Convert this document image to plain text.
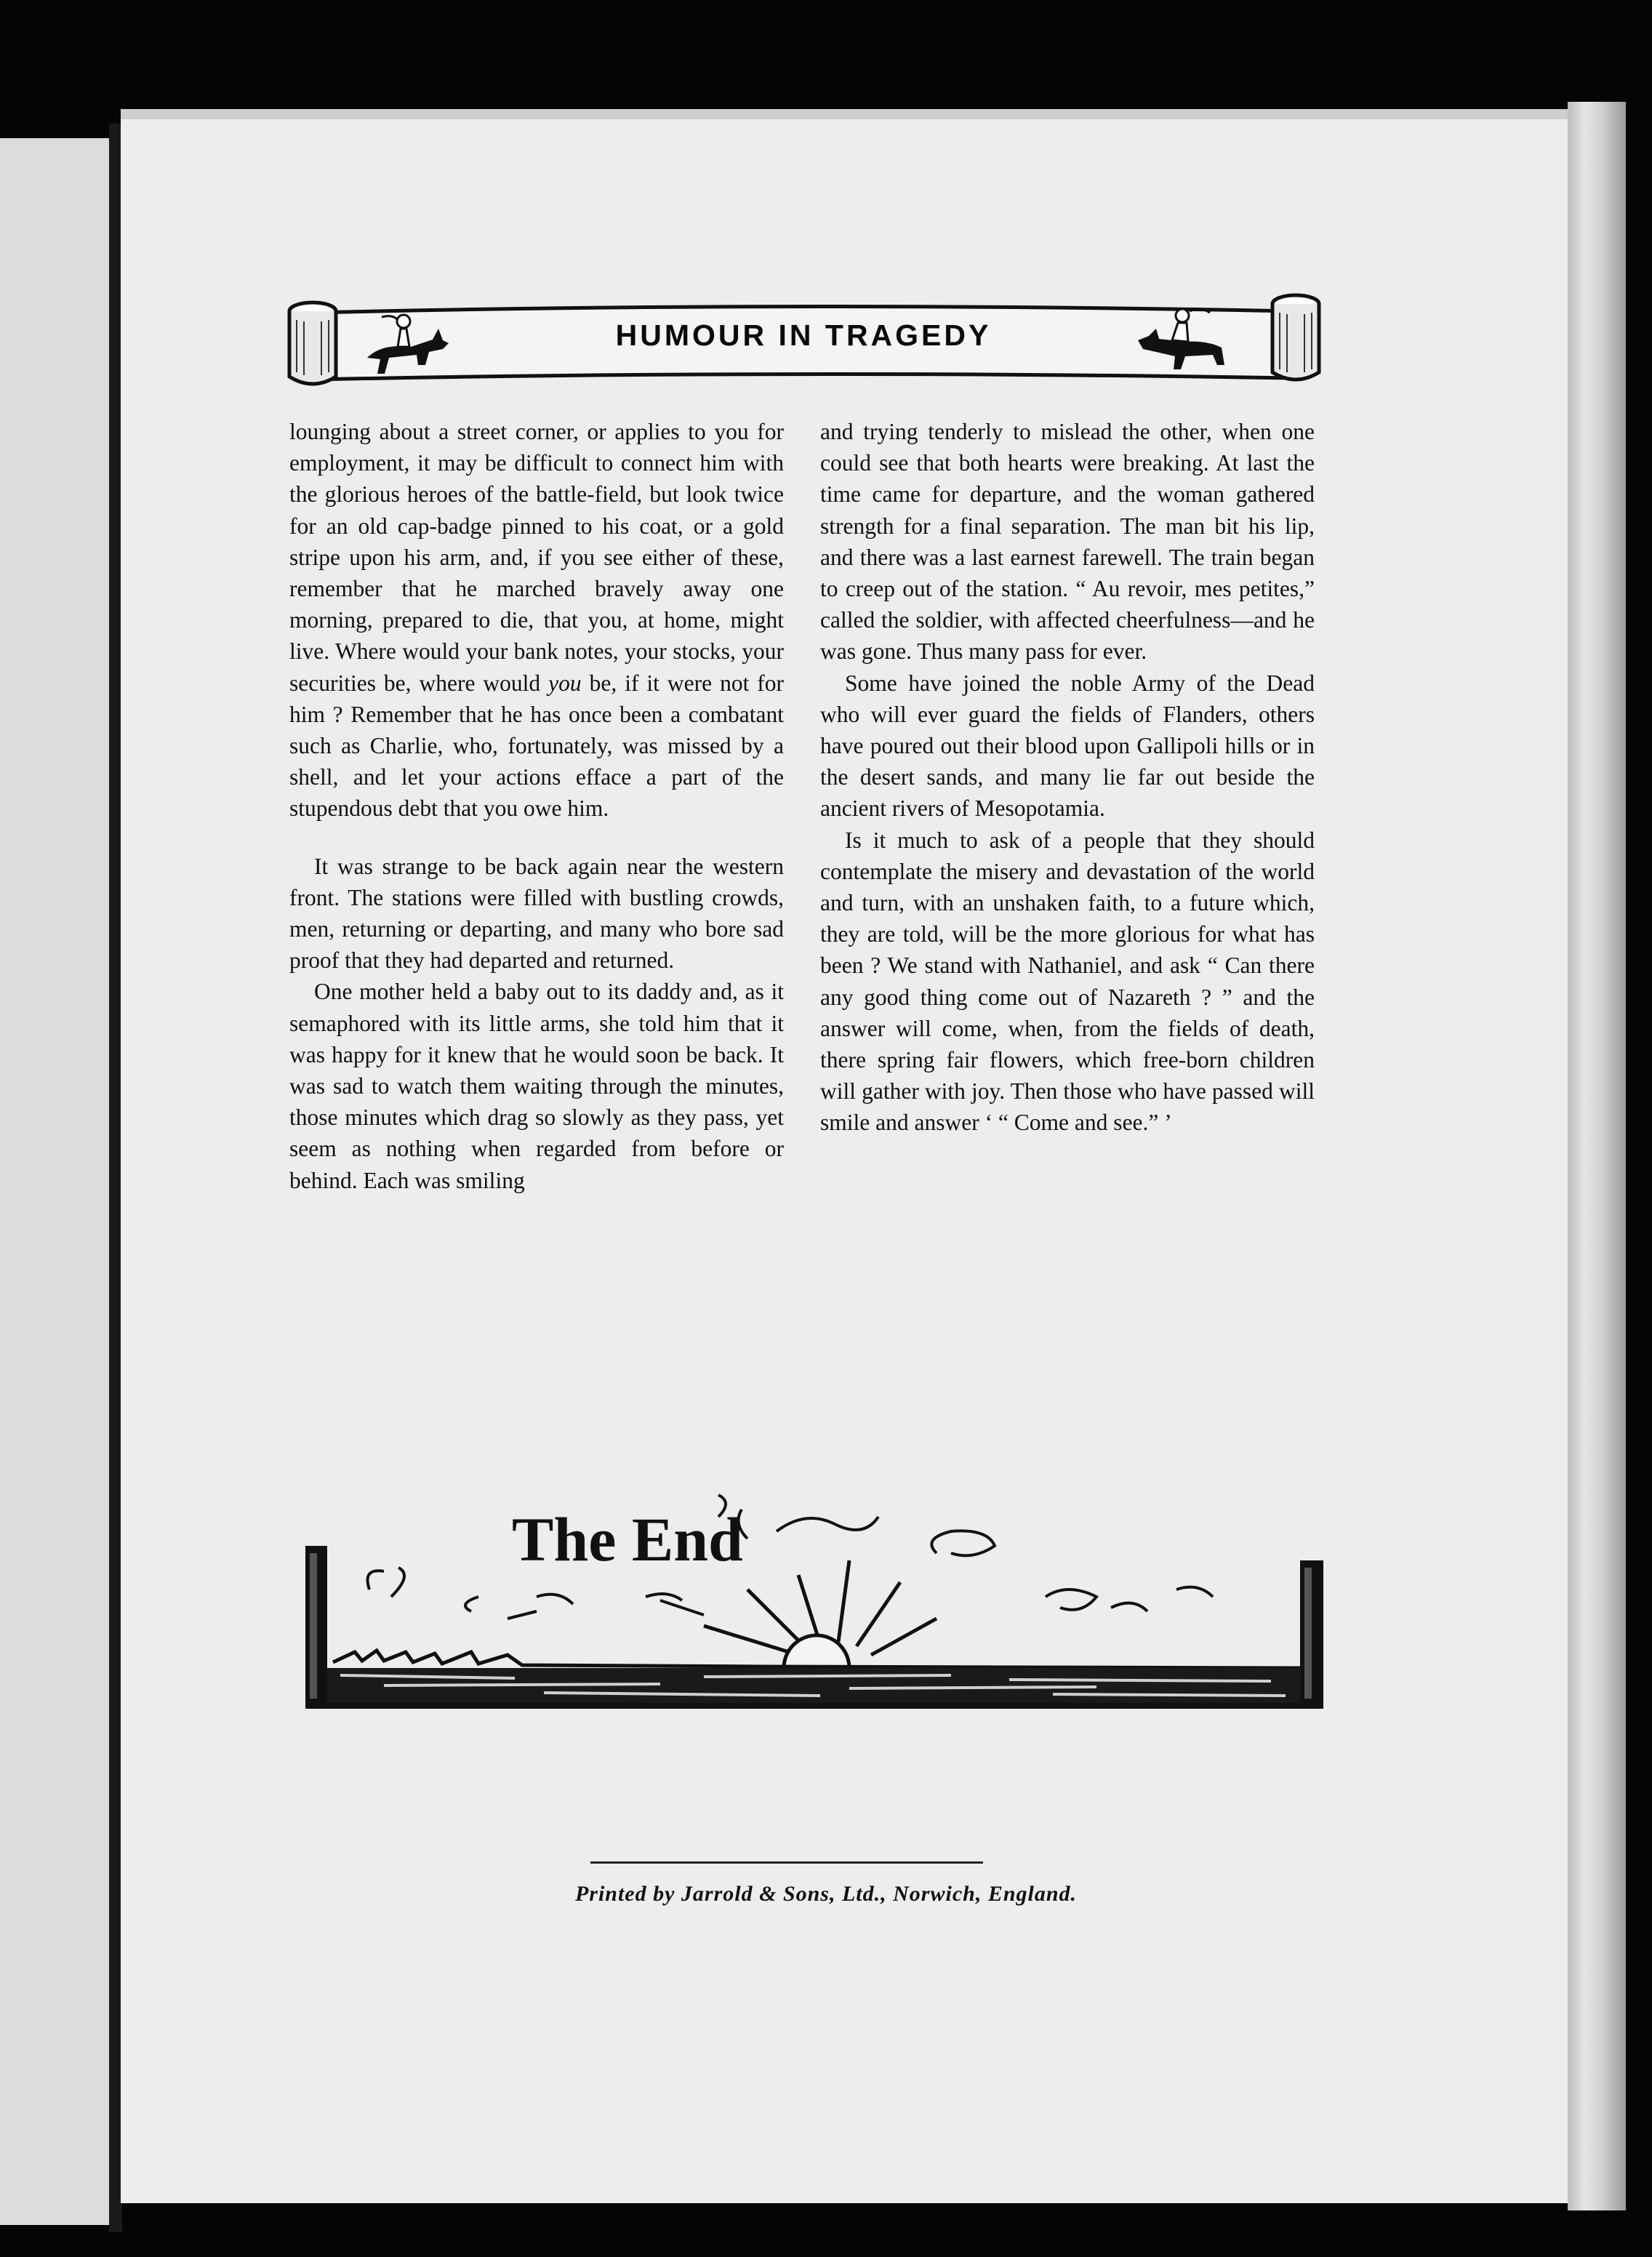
HUMOUR IN TRAGEDY

lounging about a street corner, or applies to you for employment, it may be difficult to connect him with the glorious heroes of the battle-field, but look twice for an old cap-badge pinned to his coat, or a gold stripe upon his arm, and, if you see either of these, remember that he marched bravely away one morning, prepared to die, that you, at home, might live. Where would your bank notes, your stocks, your securities be, where would you be, if it were not for him ? Remember that he has once been a combatant such as Charlie, who, fortunately, was missed by a shell, and let your actions efface a part of the stupendous debt that you owe him.

It was strange to be back again near the western front. The stations were filled with bustling crowds, men, returning or departing, and many who bore sad proof that they had departed and returned.

One mother held a baby out to its daddy and, as it semaphored with its little arms, she told him that it was happy for it knew that he would soon be back. It was sad to watch them waiting through the minutes, those minutes which drag so slowly as they pass, yet seem as nothing when regarded from before or behind. Each was smiling

and trying tenderly to mislead the other, when one could see that both hearts were breaking. At last the time came for departure, and the woman gathered strength for a final separation. The man bit his lip, and there was a last earnest farewell. The train began to creep out of the station. “ Au revoir, mes petites,” called the soldier, with affected cheerfulness—and he was gone. Thus many pass for ever.

Some have joined the noble Army of the Dead who will ever guard the fields of Flanders, others have poured out their blood upon Gallipoli hills or in the desert sands, and many lie far out beside the ancient rivers of Mesopotamia.

Is it much to ask of a people that they should contemplate the misery and devastation of the world and turn, with an unshaken faith, to a future which, they are told, will be the more glorious for what has been ? We stand with Nathaniel, and ask “ Can there any good thing come out of Nazareth ? ” and the answer will come, when, from the fields of death, there spring fair flowers, which free-born children will gather with joy. Then those who have passed will smile and answer ‘ “ Come and see.” ’

The End
Printed by Jarrold & Sons, Ltd., Norwich, England.
